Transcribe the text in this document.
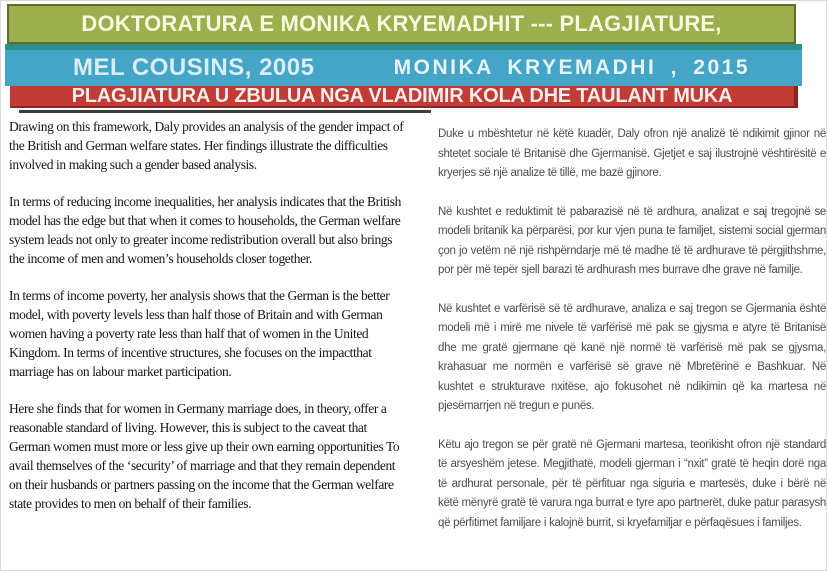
DOKTORATURA E MONIKA KRYEMADHIT --- PLAGJIATURE,
MEL COUSINS, 2005	MONIKA KRYEMADHI , 2015
PLAGJIATURA U ZBULUA NGA VLADIMIR KOLA DHE TAULANT MUKA

Drawing on this framework, Daly provides an analysis of the gender impact of the British and German welfare states. Her findings illustrate the difficulties involved in making such a gender based analysis.

In terms of reducing income inequalities, her analysis indicates that the British model has the edge but that when it comes to households, the German welfare system leads not only to greater income redistribution overall but also brings the income of men and women’s households closer together.

In terms of income poverty, her analysis shows that the German is the better model, with poverty levels less than half those of Britain and with German women having a poverty rate less than half that of women in the United Kingdom. In terms of incentive structures, she focuses on the impactthat marriage has on labour market participation.

Here she finds that for women in Germany marriage does, in theory, offer a reasonable standard of living. However, this is subject to the caveat that German women must more or less give up their own earning opportunities To avail themselves of the ‘security’ of marriage and that they remain dependent on their husbands or partners passing on the income that the German welfare state provides to men on behalf of their families.

Duke u mbështetur në këtë kuadër, Daly ofron një analizë të ndikimit gjinor në shtetet sociale të Britanisë dhe Gjermanisë. Gjetjet e saj ilustrojnë vështirësitë e kryerjes së një analize të tillë, me bazë gjinore.

Në kushtet e reduktimit të pabarazisë në të ardhura, analizat e saj tregojnë se modeli britanik ka përparësi, por kur vjen puna te familjet, sistemi social gjerman çon jo vetëm në një rishpërndarje më të madhe të të ardhurave të përgjithshme, por për më tepër sjell barazi të ardhurash mes burrave dhe grave në familje.

Në kushtet e varfërisë së të ardhurave, analiza e saj tregon se Gjermania është modeli më i mirë me nivele të varfërisë më pak se gjysma e atyre të Britanisë dhe me gratë gjermane që kanë një normë të varfërisë më pak se gjysma, krahasuar me normën e varfërisë së grave në Mbretërinë e Bashkuar. Në kushtet e strukturave nxitëse, ajo fokusohet në ndikimin që ka martesa në pjesëmarrjen në tregun e punës.

Këtu ajo tregon se për gratë në Gjermani martesa, teorikisht ofron një standard të arsyeshëm jetese. Megjithatë, modeli gjerman i “nxit” gratë të heqin dorë nga të ardhurat personale, për të përfituar nga siguria e martesës, duke i bërë në këtë mënyrë gratë të varura nga burrat e tyre apo partnerët, duke patur parasysh që përfitimet familjare i kalojnë burrit, si kryefamiljar e përfaqësues i familjes.
